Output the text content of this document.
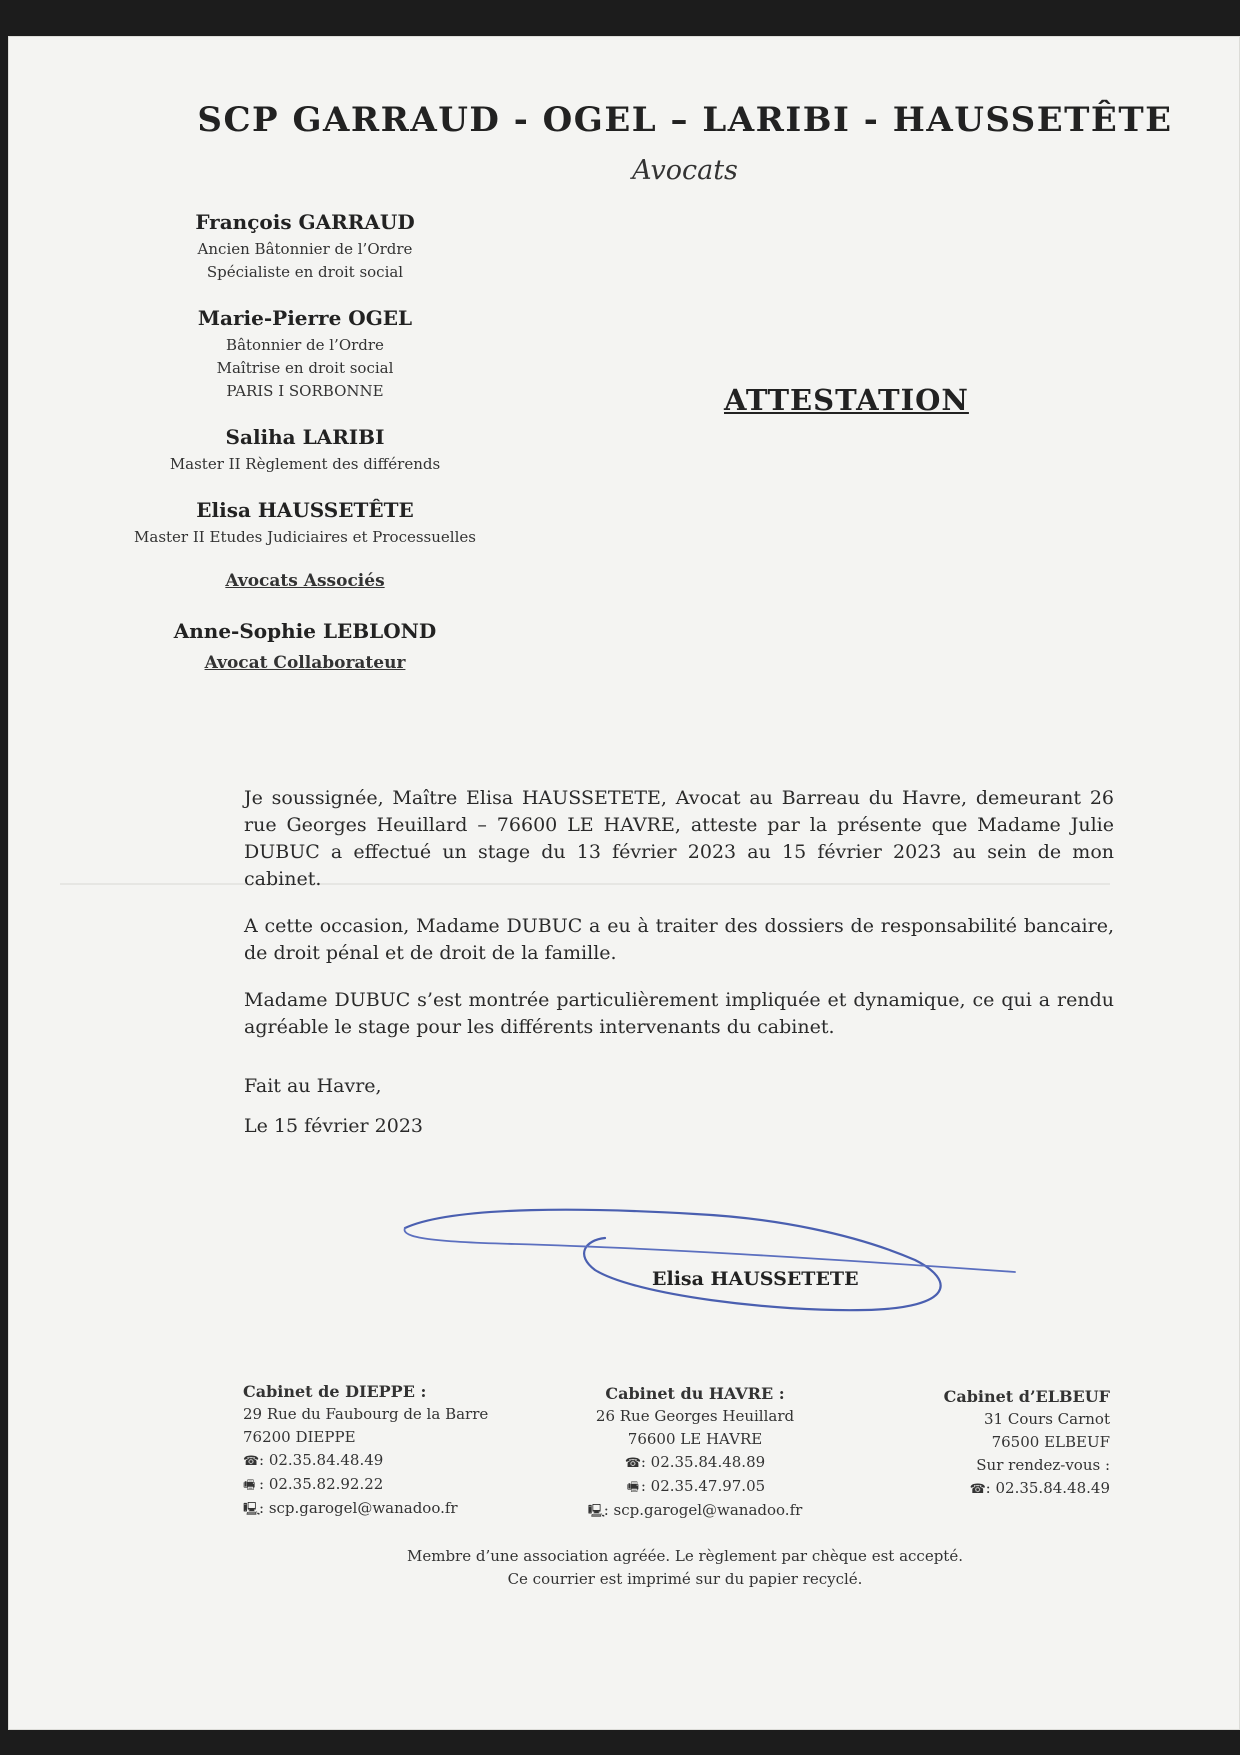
SCP GARRAUD - OGEL – LARIBI - HAUSSETÊTE
Avocats
François GARRAUD
Ancien Bâtonnier de l’Ordre
Spécialiste en droit social
Marie-Pierre OGEL
Bâtonnier de l’Ordre
Maîtrise en droit social
PARIS I SORBONNE
Saliha LARIBI
Master II Règlement des différends
Elisa HAUSSETÊTE
Master II Etudes Judiciaires et Processuelles
Avocats Associés
Anne-Sophie LEBLOND
Avocat Collaborateur
ATTESTATION

Je soussignée, Maître Elisa HAUSSETETE, Avocat au Barreau du Havre, demeurant 26 rue Georges Heuillard – 76600 LE HAVRE, atteste par la présente que Madame Julie DUBUC a effectué un stage du 13 février 2023 au 15 février 2023 au sein de mon cabinet.

A cette occasion, Madame DUBUC a eu à traiter des dossiers de responsabilité bancaire, de droit pénal et de droit de la famille.

Madame DUBUC s’est montrée particulièrement impliquée et dynamique, ce qui a rendu agréable le stage pour les différents intervenants du cabinet.

Fait au Havre,
Le 15 février 2023
Elisa HAUSSETETE
Cabinet de DIEPPE :
29 Rue du Faubourg de la Barre
76200 DIEPPE
☎: 02.35.84.48.49
🖷 : 02.35.82.92.22
🖳: scp.garogel@wanadoo.fr
Cabinet du HAVRE :
26 Rue Georges Heuillard
76600 LE HAVRE
☎: 02.35.84.48.89
🖷 : 02.35.47.97.05
🖳: scp.garogel@wanadoo.fr
Cabinet d’ELBEUF
31 Cours Carnot
76500 ELBEUF
Sur rendez-vous :
☎: 02.35.84.48.49
Membre d’une association agréée. Le règlement par chèque est accepté.
Ce courrier est imprimé sur du papier recyclé.
